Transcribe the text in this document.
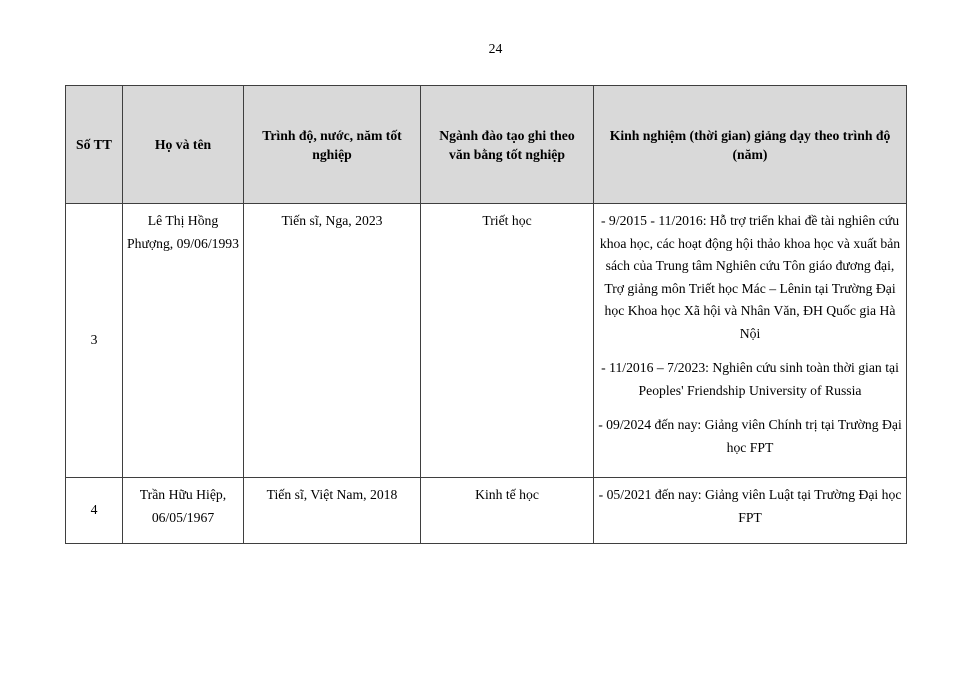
24
Số TT	Họ và tên	Trình độ, nước, năm tốt nghiệp	Ngành đào tạo ghi theo văn bằng tốt nghiệp	Kinh nghiệm (thời gian) giảng dạy theo trình độ (năm)
3	Lê Thị Hồng Phượng, 09/06/1993	Tiến sĩ, Nga, 2023	Triết học	- 9/2015 - 11/2016: Hỗ trợ triển khai đề tài nghiên cứu khoa học, các hoạt động hội thảo khoa học và xuất bản sách của Trung tâm Nghiên cứu Tôn giáo đương đại, Trợ giảng môn Triết học Mác – Lênin tại Trường Đại học Khoa học Xã hội và Nhân Văn, ĐH Quốc gia Hà Nội

- 11/2016 – 7/2023: Nghiên cứu sinh toàn thời gian tại Peoples' Friendship University of Russia

- 09/2024 đến nay: Giảng viên Chính trị tại Trường Đại học FPT

4	Trần Hữu Hiệp, 06/05/1967	Tiến sĩ, Việt Nam, 2018	Kinh tế học	- 05/2021 đến nay: Giảng viên Luật tại Trường Đại học FPT
